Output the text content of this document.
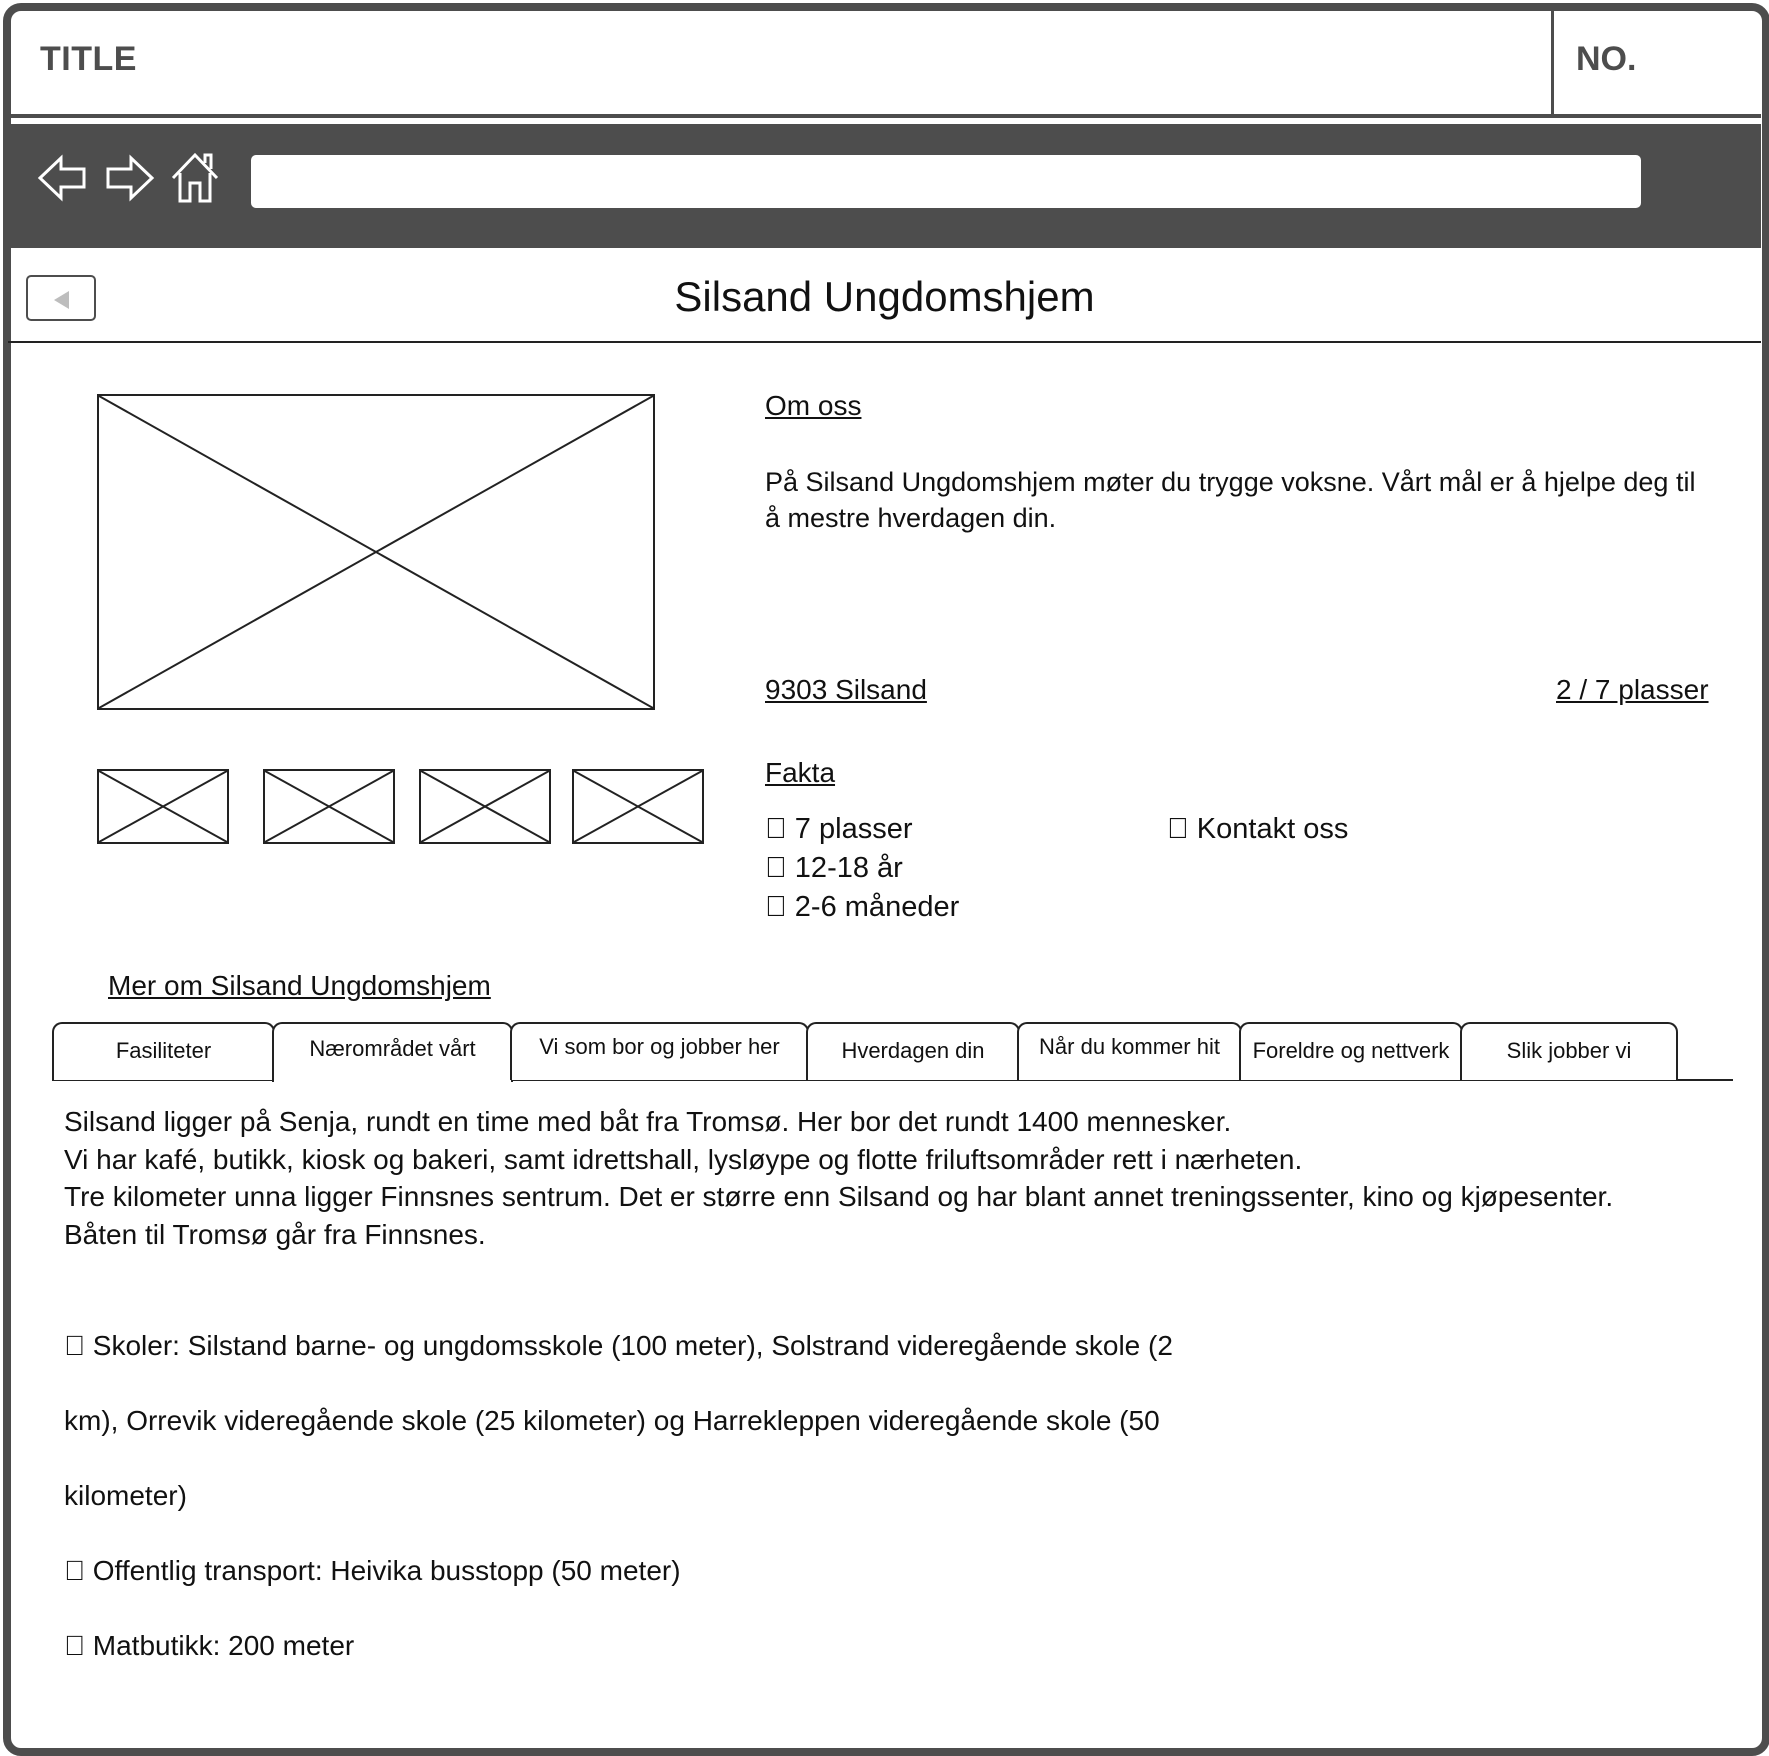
TITLE	NO.
Silsand Ungdomshjem
Om oss
På Silsand Ungdomshjem møter du trygge voksne. Vårt mål er å hjelpe deg til
å mestre hverdagen din.
9303 Silsand	2 / 7 plasser
Fakta
7 plasser
12-18 år
2-6 måneder
Kontakt oss
Mer om Silsand Ungdomshjem
Fasiliteter	Nærområdet vårt	Vi som bor og jobber her	Hverdagen din	Når du kommer hit	Foreldre og nettverk	Slik jobber vi
Silsand ligger på Senja, rundt en time med båt fra Tromsø. Her bor det rundt 1400 mennesker.
Vi har kafé, butikk, kiosk og bakeri, samt idrettshall, lysløype og flotte friluftsområder rett i nærheten.
Tre kilometer unna ligger Finnsnes sentrum. Det er større enn Silsand og har blant annet treningssenter, kino og kjøpesenter.
Båten til Tromsø går fra Finnsnes.
Skoler: Silstand barne- og ungdomsskole (100 meter), Solstrand videregående skole (2
km), Orrevik videregående skole (25 kilometer) og Harrekleppen videregående skole (50
kilometer)
Offentlig transport: Heivika busstopp (50 meter)
Matbutikk: 200 meter
